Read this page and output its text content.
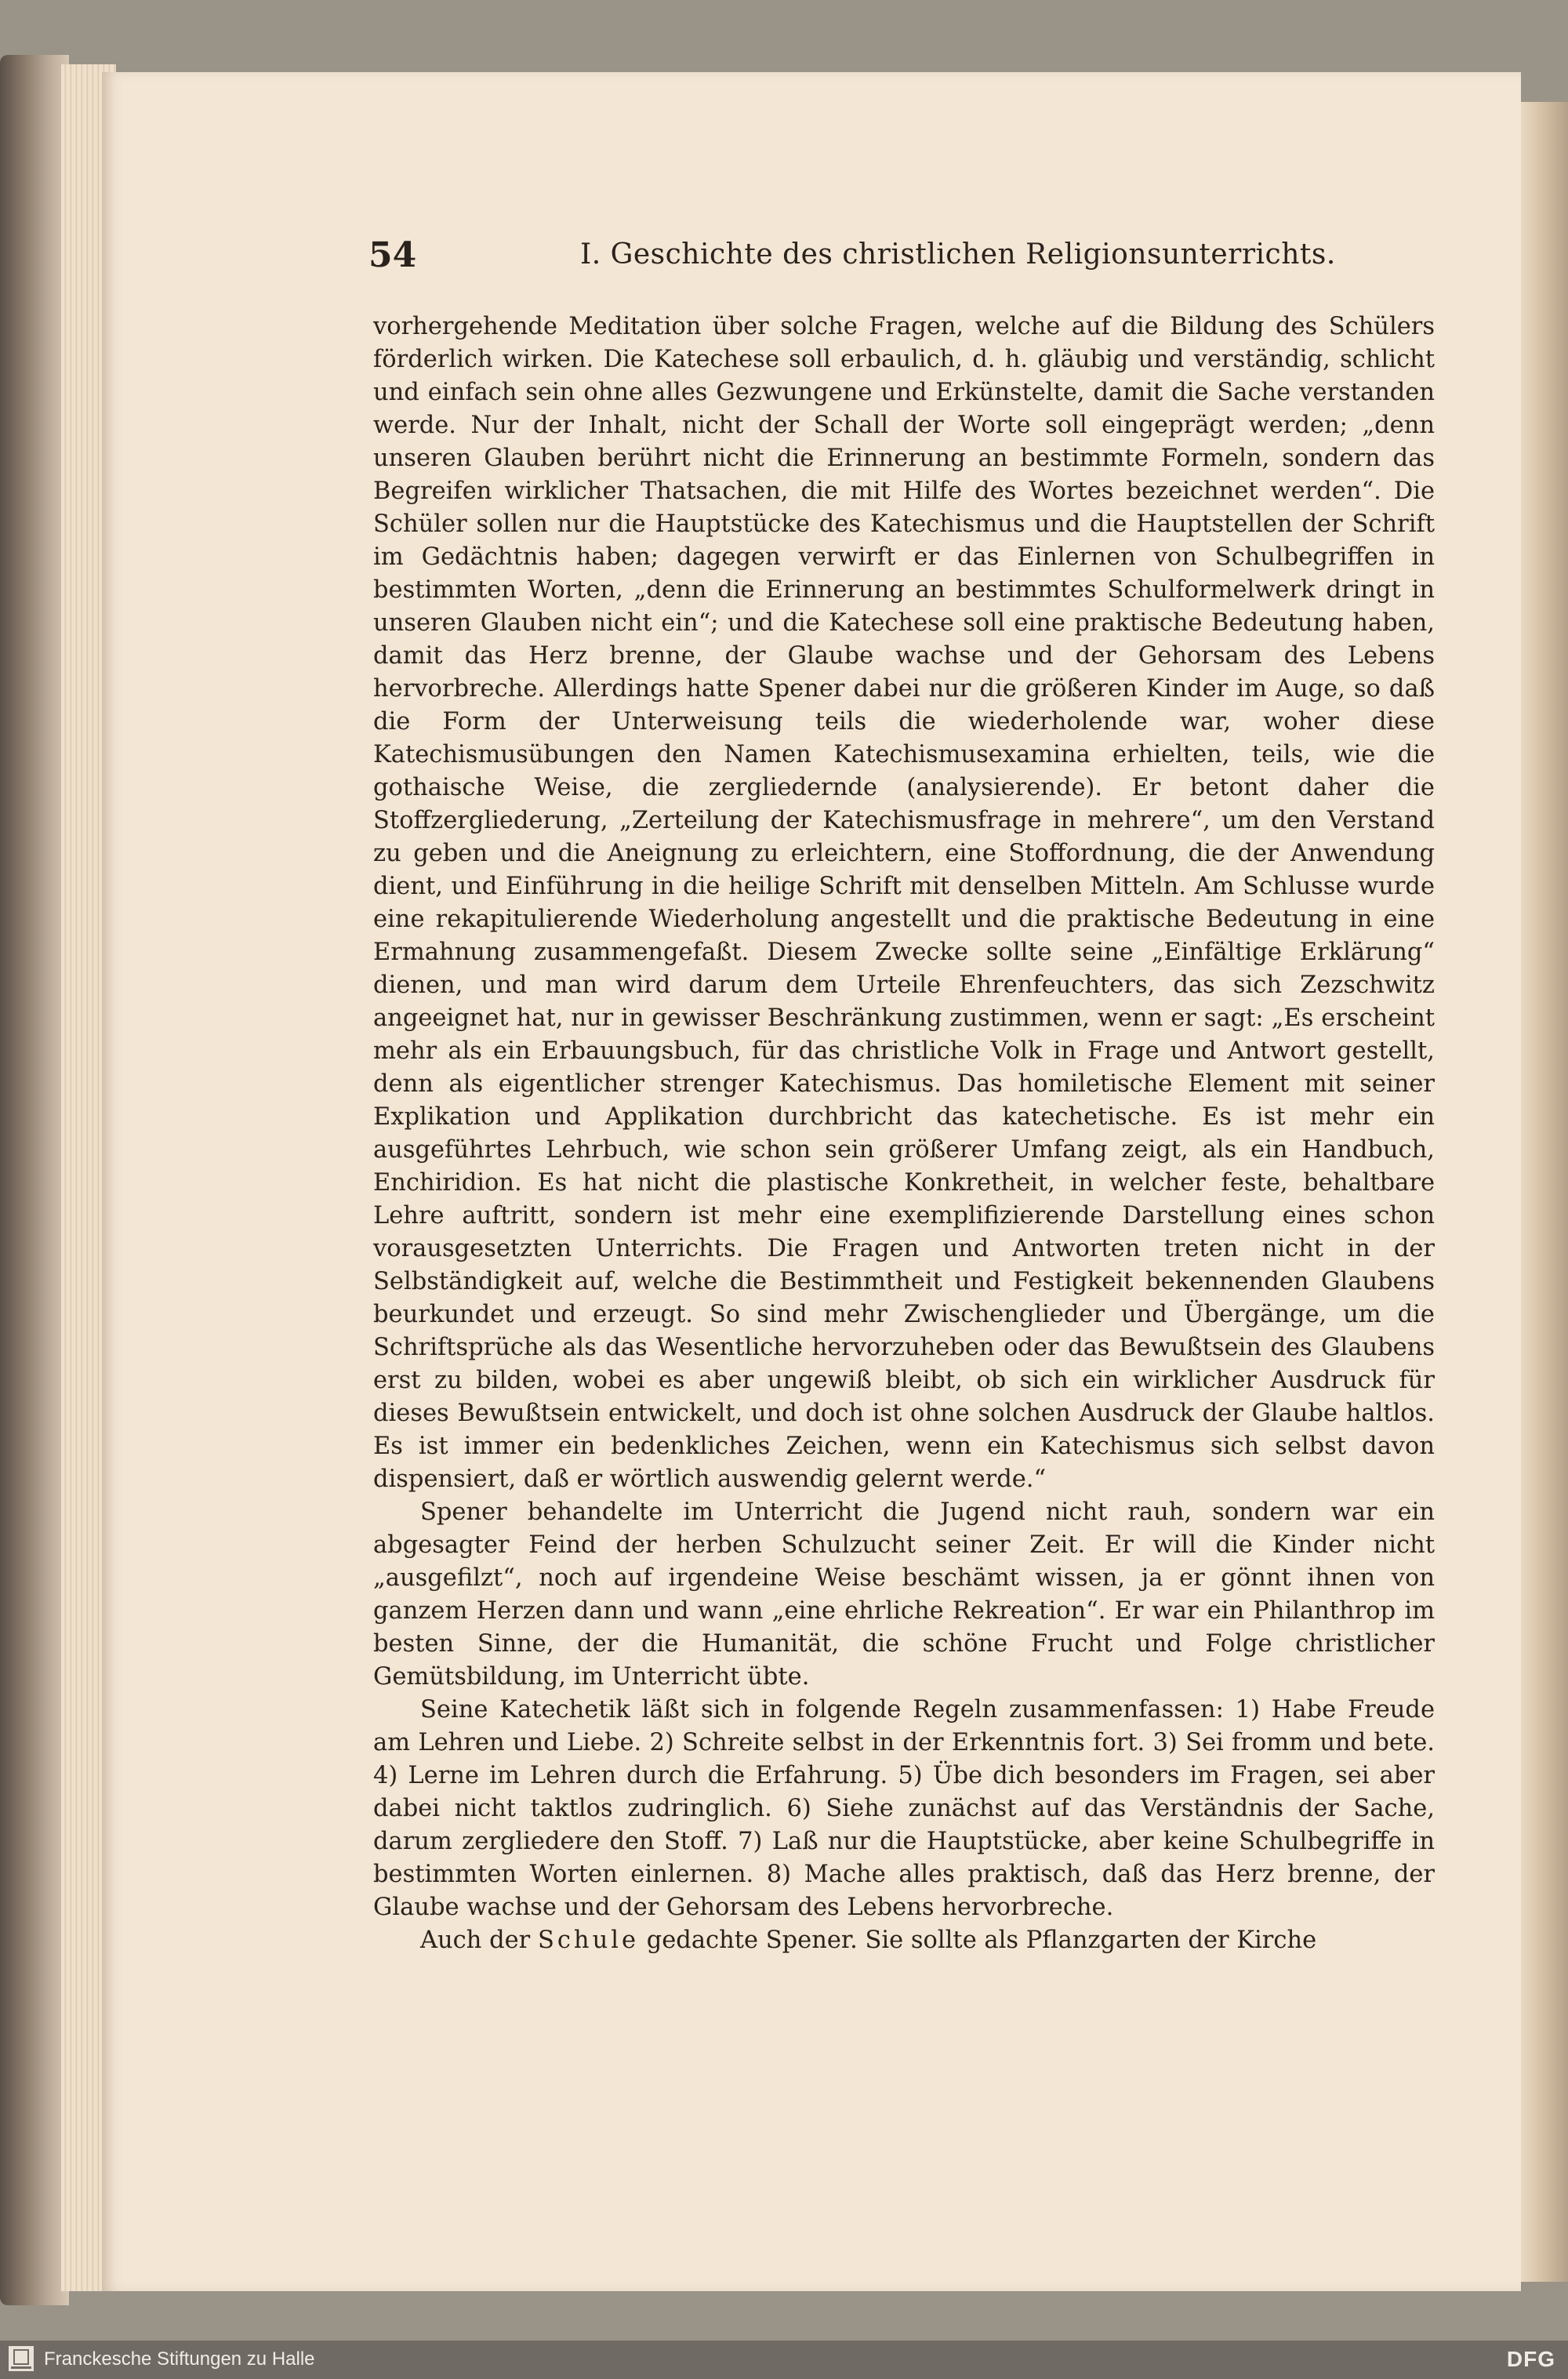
54	I. Geschichte des christlichen Religionsunterrichts.

vorhergehende Meditation über solche Fragen, welche auf die Bildung des Schülers förderlich wirken. Die Katechese soll erbaulich, d. h. gläubig und verständig, schlicht und einfach sein ohne alles Gezwungene und Erkünstelte, damit die Sache verstanden werde. Nur der Inhalt, nicht der Schall der Worte soll eingeprägt werden; „denn unseren Glauben berührt nicht die Erinnerung an bestimmte Formeln, sondern das Begreifen wirklicher Thatsachen, die mit Hilfe des Wortes bezeichnet werden“. Die Schüler sollen nur die Hauptstücke des Katechismus und die Hauptstellen der Schrift im Gedächtnis haben; dagegen verwirft er das Einlernen von Schulbegriffen in bestimmten Worten, „denn die Erinnerung an bestimmtes Schulformelwerk dringt in unseren Glauben nicht ein“; und die Katechese soll eine praktische Bedeutung haben, damit das Herz brenne, der Glaube wachse und der Gehorsam des Lebens hervorbreche. Allerdings hatte Spener dabei nur die größeren Kinder im Auge, so daß die Form der Unterweisung teils die wiederholende war, woher diese Katechismusübungen den Namen Katechismusexamina erhielten, teils, wie die gothaische Weise, die zergliedernde (analysierende). Er betont daher die Stoffzergliederung, „Zerteilung der Katechismusfrage in mehrere“, um den Verstand zu geben und die Aneignung zu erleichtern, eine Stoffordnung, die der Anwendung dient, und Einführung in die heilige Schrift mit denselben Mitteln. Am Schlusse wurde eine rekapitulierende Wiederholung angestellt und die praktische Bedeutung in eine Ermahnung zusammengefaßt. Diesem Zwecke sollte seine „Einfältige Erklärung“ dienen, und man wird darum dem Urteile Ehrenfeuchters, das sich Zezschwitz angeeignet hat, nur in gewisser Beschränkung zustimmen, wenn er sagt: „Es erscheint mehr als ein Erbauungsbuch, für das christliche Volk in Frage und Antwort gestellt, denn als eigentlicher strenger Katechismus. Das homiletische Element mit seiner Explikation und Applikation durchbricht das katechetische. Es ist mehr ein ausgeführtes Lehrbuch, wie schon sein größerer Umfang zeigt, als ein Handbuch, Enchiridion. Es hat nicht die plastische Konkretheit, in welcher feste, behaltbare Lehre auftritt, sondern ist mehr eine exemplifizierende Darstellung eines schon vorausgesetzten Unterrichts. Die Fragen und Antworten treten nicht in der Selbständigkeit auf, welche die Bestimmtheit und Festigkeit bekennenden Glaubens beurkundet und erzeugt. So sind mehr Zwischenglieder und Übergänge, um die Schriftsprüche als das Wesentliche hervorzuheben oder das Bewußtsein des Glaubens erst zu bilden, wobei es aber ungewiß bleibt, ob sich ein wirklicher Ausdruck für dieses Bewußtsein entwickelt, und doch ist ohne solchen Ausdruck der Glaube haltlos. Es ist immer ein bedenkliches Zeichen, wenn ein Katechismus sich selbst davon dispensiert, daß er wörtlich auswendig gelernt werde.“

Spener behandelte im Unterricht die Jugend nicht rauh, sondern war ein abgesagter Feind der herben Schulzucht seiner Zeit. Er will die Kinder nicht „ausgefilzt“, noch auf irgendeine Weise beschämt wissen, ja er gönnt ihnen von ganzem Herzen dann und wann „eine ehrliche Rekreation“. Er war ein Philanthrop im besten Sinne, der die Humanität, die schöne Frucht und Folge christlicher Gemütsbildung, im Unterricht übte.

Seine Katechetik läßt sich in folgende Regeln zusammenfassen: 1) Habe Freude am Lehren und Liebe. 2) Schreite selbst in der Erkenntnis fort. 3) Sei fromm und bete. 4) Lerne im Lehren durch die Erfahrung. 5) Übe dich besonders im Fragen, sei aber dabei nicht taktlos zudringlich. 6) Siehe zunächst auf das Verständnis der Sache, darum zergliedere den Stoff. 7) Laß nur die Hauptstücke, aber keine Schulbegriffe in bestimmten Worten einlernen. 8) Mache alles praktisch, daß das Herz brenne, der Glaube wachse und der Gehorsam des Lebens hervorbreche.

Auch der Schule gedachte Spener. Sie sollte als Pflanzgarten der Kirche

Franckesche Stiftungen zu Halle	DFG
